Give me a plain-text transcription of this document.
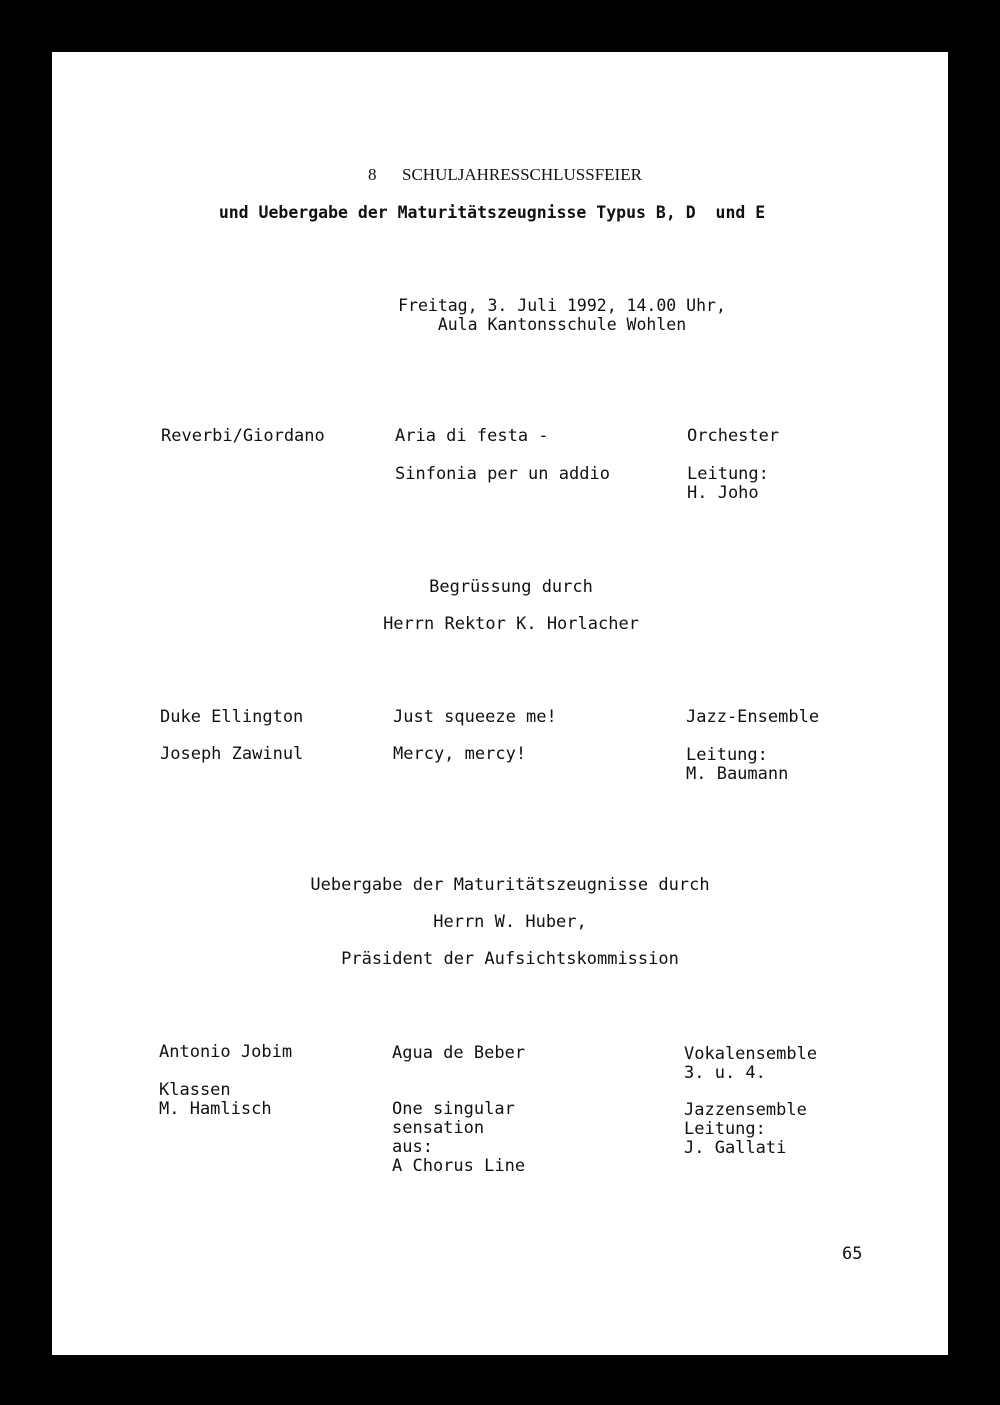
8 SCHULJAHRESSCHLUSSFEIER
und Uebergabe der Maturitätszeugnisse Typus B, D  und E
Freitag, 3. Juli 1992, 14.00 Uhr,
Aula Kantonsschule Wohlen
Reverbi/Giordano	Aria di festa -
Sinfonia per un addio
Orchester
Leitung:
H. Joho
Begrüssung durch
Herrn Rektor K. Horlacher
Duke Ellington
Joseph Zawinul
Just squeeze me!
Mercy, mercy!
Jazz-Ensemble
Leitung:
M. Baumann
Uebergabe der Maturitätszeugnisse durch
Herrn W. Huber,
Präsident der Aufsichtskommission
Antonio Jobim
Klassen
M. Hamlisch
Agua de Beber
One singular
sensation
aus:
A Chorus Line
Vokalensemble
3. u. 4.
Jazzensemble
Leitung:
J. Gallati
65
